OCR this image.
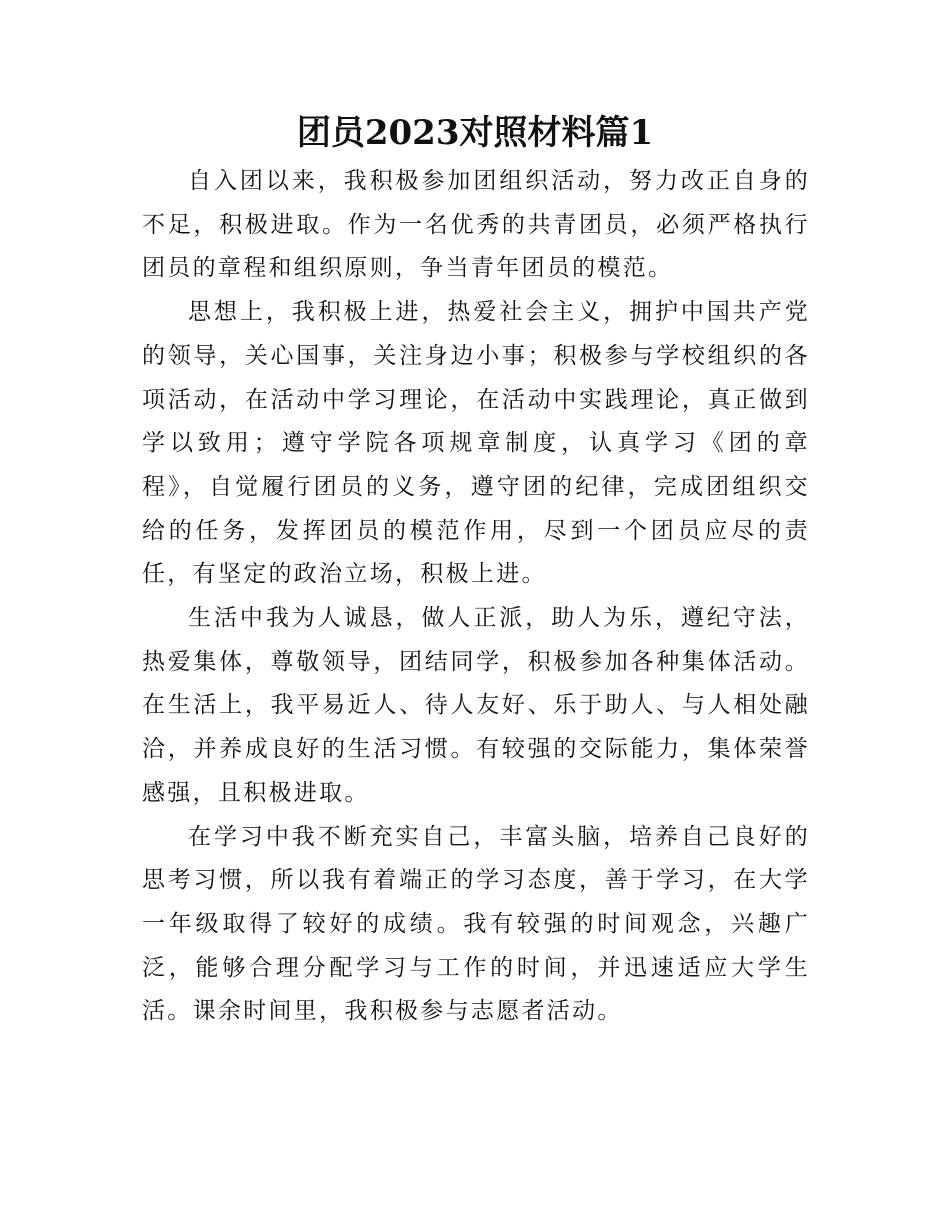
团员2023对照材料篇1

自入团以来，我积极参加团组织活动，努力改正自身的不足，积极进取。作为一名优秀的共青团员，必须严格执行团员的章程和组织原则，争当青年团员的模范。

思想上，我积极上进，热爱社会主义，拥护中国共产党的领导，关心国事，关注身边小事；积极参与学校组织的各项活动，在活动中学习理论，在活动中实践理论，真正做到学以致用；遵守学院各项规章制度，认真学习《团的章程》，自觉履行团员的义务，遵守团的纪律，完成团组织交给的任务，发挥团员的模范作用，尽到一个团员应尽的责任，有坚定的政治立场，积极上进。

生活中我为人诚恳，做人正派，助人为乐，遵纪守法，热爱集体，尊敬领导，团结同学，积极参加各种集体活动。在生活上，我平易近人、待人友好、乐于助人、与人相处融洽，并养成良好的生活习惯。有较强的交际能力，集体荣誉感强，且积极进取。

在学习中我不断充实自己，丰富头脑，培养自己良好的思考习惯，所以我有着端正的学习态度，善于学习，在大学一年级取得了较好的成绩。我有较强的时间观念，兴趣广泛，能够合理分配学习与工作的时间，并迅速适应大学生活。课余时间里，我积极参与志愿者活动。
